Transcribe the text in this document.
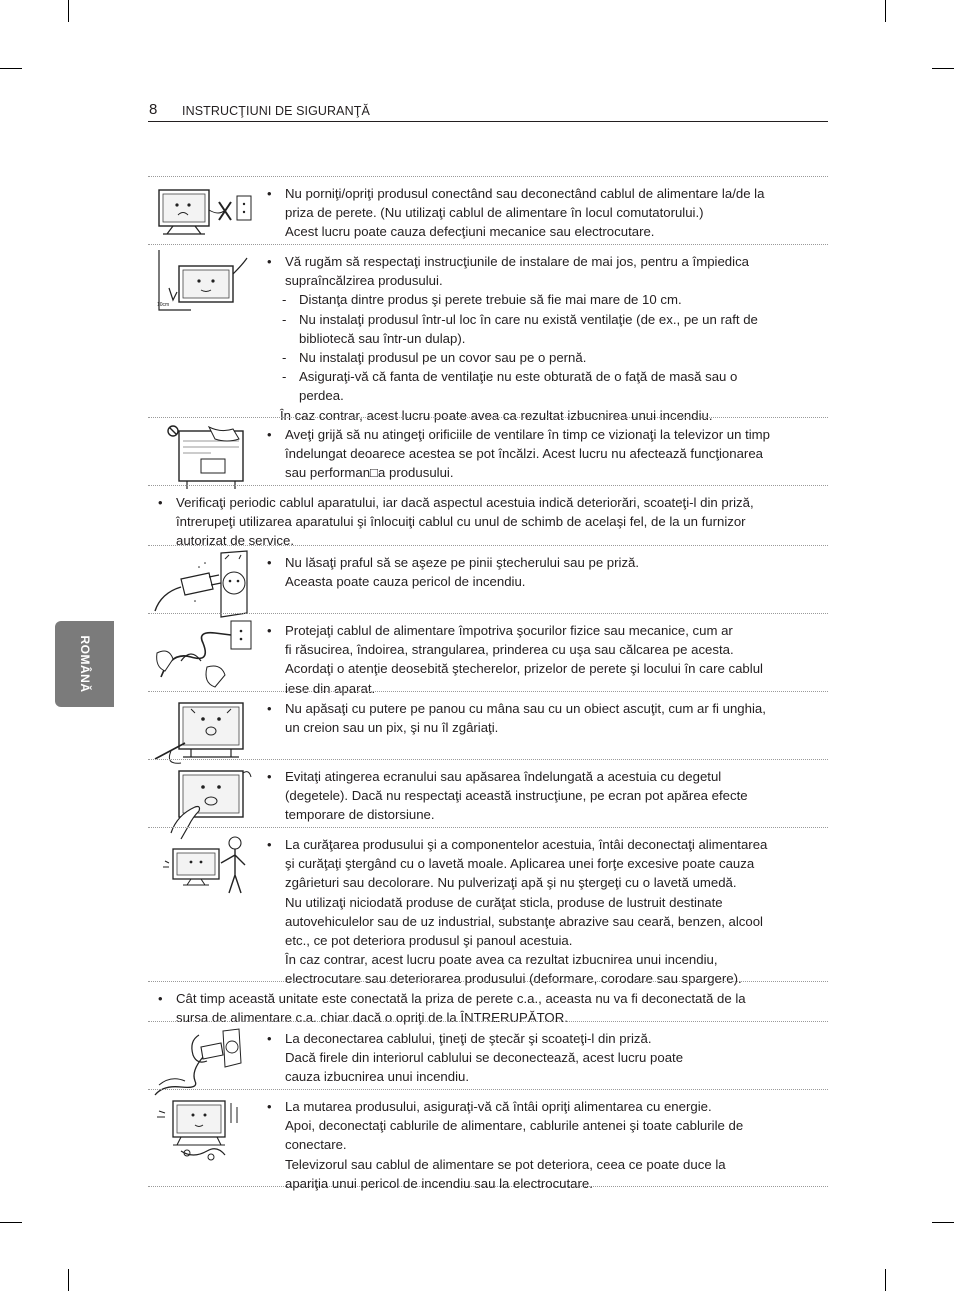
8 INSTRUCŢIUNI DE SIGURANŢĂ
ROMÂNĂ
• Nu porniţi/opriţi produsul conectând sau deconectând cablul de alimentare la/de la
priza de perete. (Nu utilizaţi cablul de alimentare în locul comutatorului.)
Acest lucru poate cauza defecţiuni mecanice sau electrocutare.
10cm
• Vă rugăm să respectaţi instrucţiunile de instalare de mai jos, pentru a împiedica
supraîncălzirea produsului.
- Distanţa dintre produs şi perete trebuie să fie mai mare de 10 cm.
- Nu instalaţi produsul într-ul loc în care nu există ventilaţie (de ex., pe un raft de
bibliotecă sau într-un dulap).
- Nu instalaţi produsul pe un covor sau pe o pernă.
- Asiguraţi-vă că fanta de ventilaţie nu este obturată de o faţă de masă sau o
perdea.
În caz contrar, acest lucru poate avea ca rezultat izbucnirea unui incendiu.
• Aveţi grijă să nu atingeţi orificiile de ventilare în timp ce vizionaţi la televizor un timp
îndelungat deoarece acestea se pot încălzi. Acest lucru nu afectează funcţionarea
sau performan□a produsului.
• Verificaţi periodic cablul aparatului, iar dacă aspectul acestuia indică deteriorări, scoateţi-l din priză,
întrerupeţi utilizarea aparatului şi înlocuiţi cablul cu unul de schimb de acelaşi fel, de la un furnizor
autorizat de service.
• Nu lăsaţi praful să se aşeze pe pinii ştecherului sau pe priză.
Aceasta poate cauza pericol de incendiu.
• Protejaţi cablul de alimentare împotriva şocurilor fizice sau mecanice, cum ar
fi răsucirea, îndoirea, strangularea, prinderea cu uşa sau călcarea pe acesta.
Acordaţi o atenţie deosebită ştecherelor, prizelor de perete şi locului în care cablul
iese din aparat.
• Nu apăsaţi cu putere pe panou cu mâna sau cu un obiect ascuţit, cum ar fi unghia,
un creion sau un pix, şi nu îl zgâriaţi.
• Evitaţi atingerea ecranului sau apăsarea îndelungată a acestuia cu degetul
(degetele). Dacă nu respectaţi această instrucţiune, pe ecran pot apărea efecte
temporare de distorsiune.
• La curăţarea produsului şi a componentelor acestuia, întâi deconectaţi alimentarea
şi curăţaţi ştergând cu o lavetă moale. Aplicarea unei forţe excesive poate cauza
zgârieturi sau decolorare. Nu pulverizaţi apă şi nu ştergeţi cu o lavetă umedă.
Nu utilizaţi niciodată produse de curăţat sticla, produse de lustruit destinate
autovehiculelor sau de uz industrial, substanţe abrazive sau ceară, benzen, alcool
etc., ce pot deteriora produsul şi panoul acestuia.
În caz contrar, acest lucru poate avea ca rezultat izbucnirea unui incendiu,
electrocutare sau deteriorarea produsului (deformare, corodare sau spargere).
• Cât timp această unitate este conectată la priza de perete c.a., aceasta nu va fi deconectată de la
sursa de alimentare c.a. chiar dacă o opriţi de la ÎNTRERUPĂTOR.
• La deconectarea cablului, ţineţi de ştecăr şi scoateţi-l din priză.
Dacă firele din interiorul cablului se deconectează, acest lucru poate
cauza izbucnirea unui incendiu.
• La mutarea produsului, asiguraţi-vă că întâi opriţi alimentarea cu energie.
Apoi, deconectaţi cablurile de alimentare, cablurile antenei şi toate cablurile de
conectare.
Televizorul sau cablul de alimentare se pot deteriora, ceea ce poate duce la
apariţia unui pericol de incendiu sau la electrocutare.
